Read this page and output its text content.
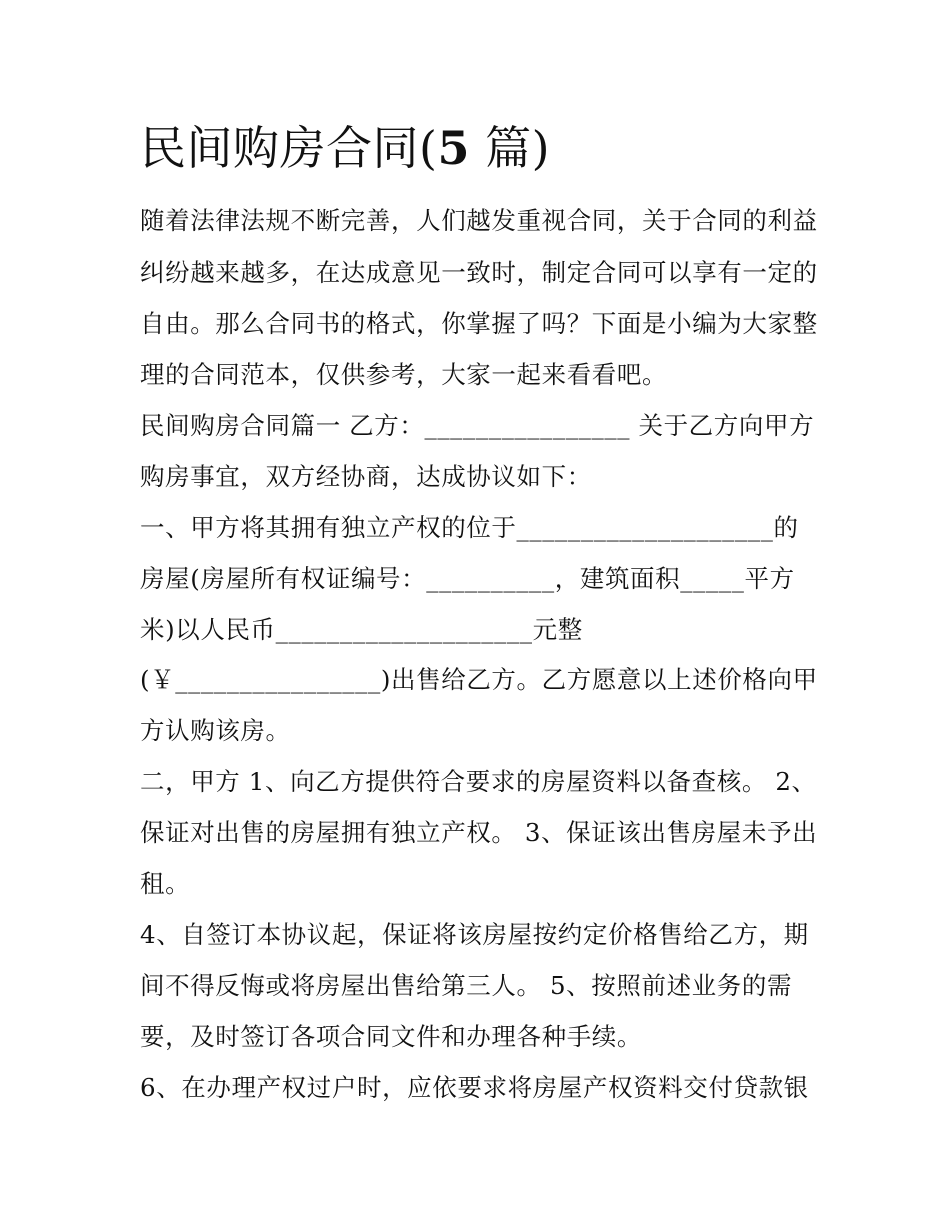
民间购房合同(5 篇)
随着法律法规不断完善，人们越发重视合同，关于合同的利益
纠纷越来越多，在达成意见一致时，制定合同可以享有一定的
自由。那么合同书的格式，你掌握了吗？下面是小编为大家整
理的合同范本，仅供参考，大家一起来看看吧。
民间购房合同篇一 乙方：________________ 关于乙方向甲方
购房事宜，双方经协商，达成协议如下：
一、甲方将其拥有独立产权的位于____________________的
房屋(房屋所有权证编号：__________，建筑面积_____平方
米)以人民币____________________元整
(￥________________)出售给乙方。乙方愿意以上述价格向甲
方认购该房。
二，甲方 1、向乙方提供符合要求的房屋资料以备查核。 2、
保证对出售的房屋拥有独立产权。 3、保证该出售房屋未予出
租。
4、自签订本协议起，保证将该房屋按约定价格售给乙方，期
间不得反悔或将房屋出售给第三人。 5、按照前述业务的需
要，及时签订各项合同文件和办理各种手续。
6、在办理产权过户时，应依要求将房屋产权资料交付贷款银
